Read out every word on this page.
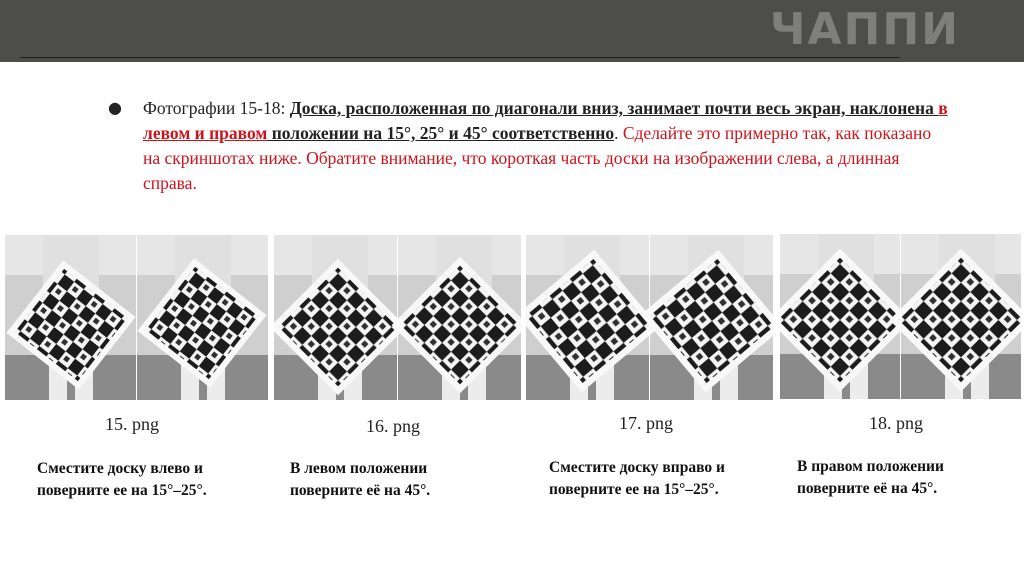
ЧАППИ
● Фотографии 15-18: Доска, расположенная по диагонали вниз, занимает почти весь экран, наклонена в левом и правом положении на 15°, 25° и 45° соответственно. Сделайте это примерно так, как показано на скриншотах ниже. Обратите внимание, что короткая часть доски на изображении слева, а длинная справа.
15. png
Сместите доску влево и поверните ее на 15°–25°.
16. png
В левом положении поверните её на 45°.
17. png
Сместите доску вправо и поверните ее на 15°–25°.
18. png
В правом положении поверните её на 45°.
